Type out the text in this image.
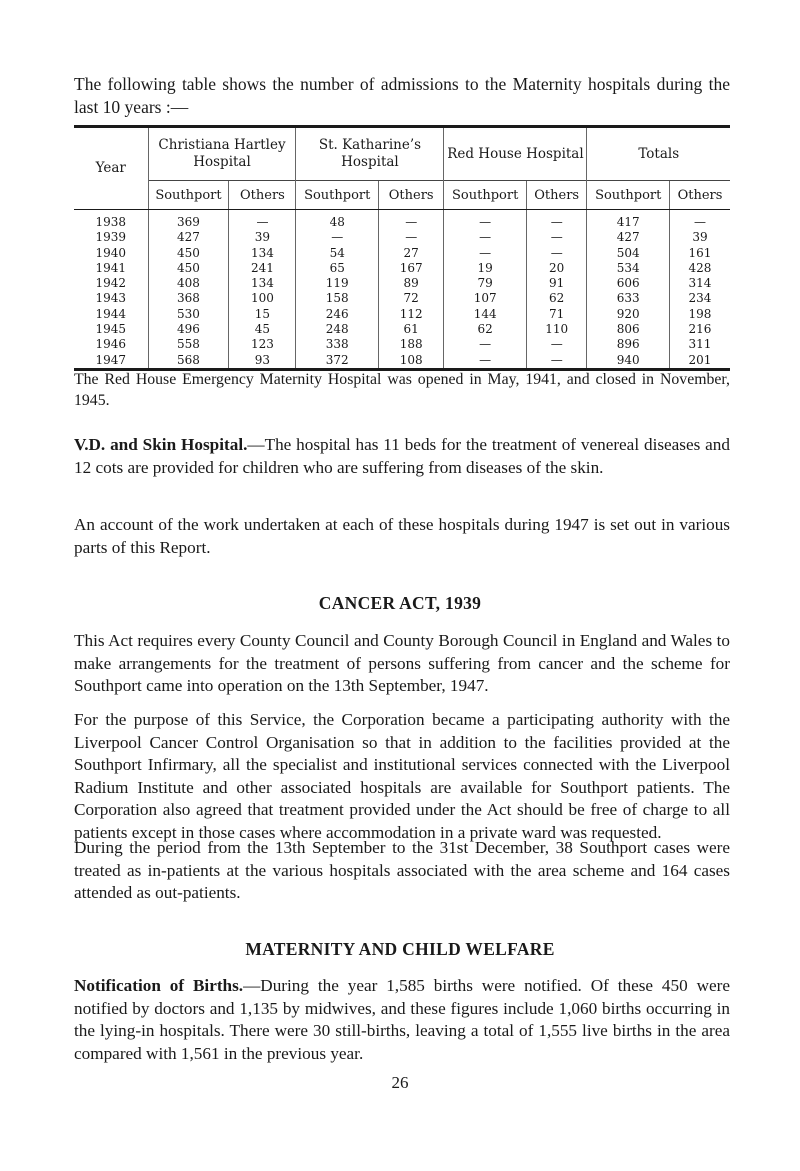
The following table shows the number of admissions to the Maternity hospitals during the last 10 years :—

Year	Christiana Hartley Hospital		St. Katharine’s Hospital		Red House Hospital		Totals	
	Southport	Others	Southport	Others	Southport	Others	Southport	Others
1938	369	—	48	—	—	—	417	—
1939	427	39	—	—	—	—	427	39
1940	450	134	54	27	—	—	504	161
1941	450	241	65	167	19	20	534	428
1942	408	134	119	89	79	91	606	314
1943	368	100	158	72	107	62	633	234
1944	530	15	246	112	144	71	920	198
1945	496	45	248	61	62	110	806	216
1946	558	123	338	188	—	—	896	311
1947	568	93	372	108	—	—	940	201

The Red House Emergency Maternity Hospital was opened in May, 1941, and closed in November, 1945.

V.D. and Skin Hospital.—The hospital has 11 beds for the treatment of venereal diseases and 12 cots are provided for children who are suffering from diseases of the skin.

An account of the work undertaken at each of these hospitals during 1947 is set out in various parts of this Report.

CANCER ACT, 1939

This Act requires every County Council and County Borough Council in England and Wales to make arrangements for the treatment of persons suffering from cancer and the scheme for Southport came into operation on the 13th September, 1947.

For the purpose of this Service, the Corporation became a participating authority with the Liverpool Cancer Control Organisation so that in addition to the facilities provided at the Southport Infirmary, all the specialist and institutional services connected with the Liverpool Radium Institute and other associated hospitals are available for Southport patients. The Corporation also agreed that treatment provided under the Act should be free of charge to all patients except in those cases where accommodation in a private ward was requested.

During the period from the 13th September to the 31st December, 38 Southport cases were treated as in-patients at the various hospitals associated with the area scheme and 164 cases attended as out-patients.

MATERNITY AND CHILD WELFARE

Notification of Births.—During the year 1,585 births were notified. Of these 450 were notified by doctors and 1,135 by midwives, and these figures include 1,060 births occurring in the lying-in hospitals. There were 30 still-births, leaving a total of 1,555 live births in the area compared with 1,561 in the previous year.

26
